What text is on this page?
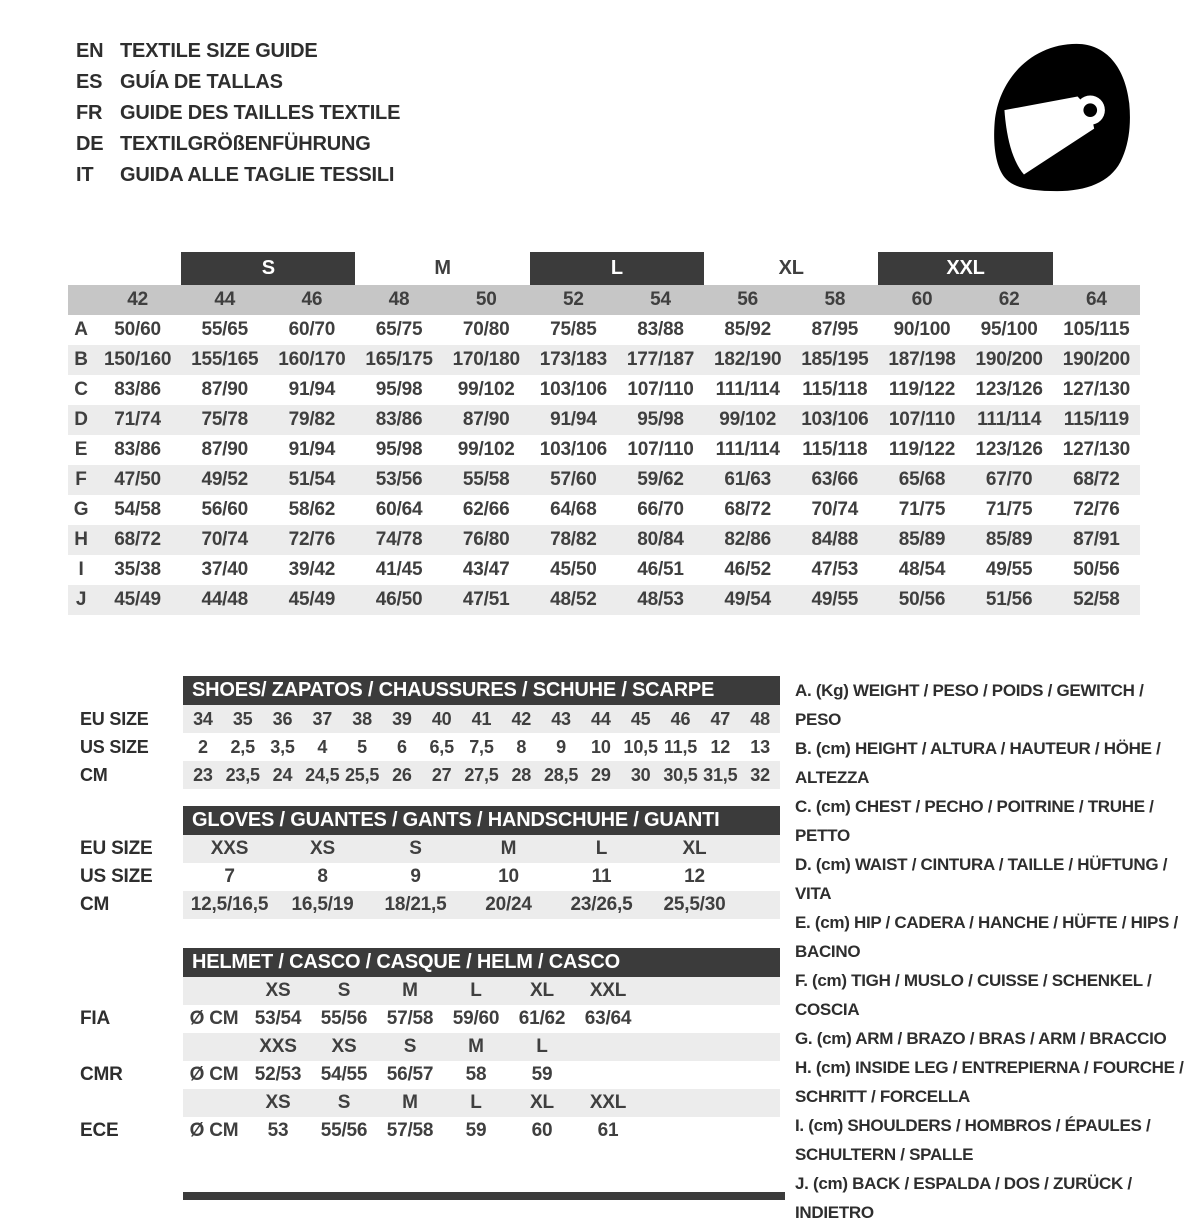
EN TEXTILE SIZE GUIDE
ES GUÍA DE TALLAS
FR GUIDE DES TAILLES TEXTILE
DE TEXTILGRÖßENFÜHRUNG
IT	GUIDA ALLE TAGLIE TESSILI
		S		M		L		XL		XXL		
	42	44	46	48	50	52	54	56	58	60	62	64
A	50/60	55/65	60/70	65/75	70/80	75/85	83/88	85/92	87/95	90/100	95/100	105/115
B	150/160	155/165	160/170	165/175	170/180	173/183	177/187	182/190	185/195	187/198	190/200	190/200
C	83/86	87/90	91/94	95/98	99/102	103/106	107/110	111/114	115/118	119/122	123/126	127/130
D	71/74	75/78	79/82	83/86	87/90	91/94	95/98	99/102	103/106	107/110	111/114	115/119
E	83/86	87/90	91/94	95/98	99/102	103/106	107/110	111/114	115/118	119/122	123/126	127/130
F	47/50	49/52	51/54	53/56	55/58	57/60	59/62	61/63	63/66	65/68	67/70	68/72
G	54/58	56/60	58/62	60/64	62/66	64/68	66/70	68/72	70/74	71/75	71/75	72/76
H	68/72	70/74	72/76	74/78	76/80	78/82	80/84	82/86	84/88	85/89	85/89	87/91
I	35/38	37/40	39/42	41/45	43/47	45/50	46/51	46/52	47/53	48/54	49/55	50/56
J	45/49	44/48	45/49	46/50	47/51	48/52	48/53	49/54	49/55	50/56	51/56	52/58
	SHOES/ ZAPATOS / CHAUSSURES / SCHUHE / SCARPE														
EU SIZE	34	35	36	37	38	39	40	41	42	43	44	45	46	47	48
US SIZE	2	2,5	3,5	4	5	6	6,5	7,5	8	9	10	10,5	11,5	12	13
CM	23	23,5	24	24,5	25,5	26	27	27,5	28	28,5	29	30	30,5	31,5	32
	GLOVES / GUANTES / GANTS / HANDSCHUHE / GUANTI						
EU SIZE	XXS	XS	S	M	L	XL	
US SIZE	7	8	9	10	11	12	
CM	12,5/16,5	16,5/19	18/21,5	20/24	23/26,5	25,5/30	
	HELMET / CASCO / CASQUE / HELM / CASCO							
		XS	S	M	L	XL	XXL	
FIA	Ø CM	53/54	55/56	57/58	59/60	61/62	63/64	
		XXS	XS	S	M	L		
CMR	Ø CM	52/53	54/55	56/57	58	59		
		XS	S	M	L	XL	XXL	
ECE	Ø CM	53	55/56	57/58	59	60	61	

A. (Kg) WEIGHT / PESO / POIDS / GEWITCH / PESO

B. (cm) HEIGHT / ALTURA / HAUTEUR / HÖHE / ALTEZZA

C. (cm) CHEST / PECHO / POITRINE / TRUHE / PETTO

D. (cm) WAIST / CINTURA / TAILLE / HÜFTUNG / VITA

E. (cm) HIP / CADERA / HANCHE / HÜFTE / HIPS / BACINO

F. (cm) TIGH / MUSLO / CUISSE / SCHENKEL / COSCIA

G. (cm) ARM / BRAZO / BRAS / ARM / BRACCIO

H. (cm) INSIDE LEG / ENTREPIERNA / FOURCHE / SCHRITT / FORCELLA

I. (cm) SHOULDERS / HOMBROS / ÉPAULES / SCHULTERN / SPALLE

J. (cm) BACK / ESPALDA / DOS / ZURÜCK / INDIETRO
